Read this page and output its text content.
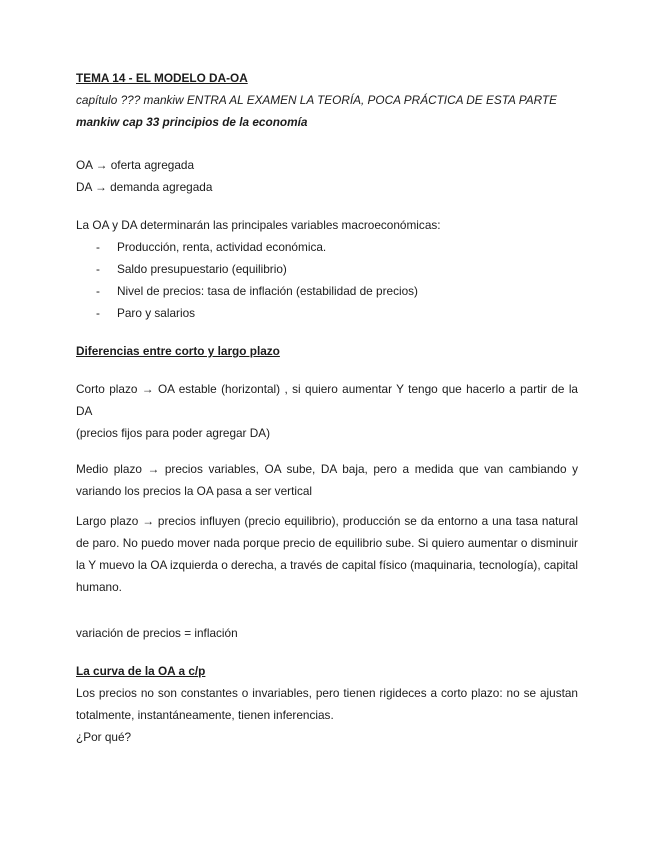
TEMA 14 - EL MODELO DA-OA

capítulo ??? mankiw ENTRA AL EXAMEN LA TEORÍA, POCA PRÁCTICA DE ESTA PARTE

mankiw cap 33 principios de la economía

OA → oferta agregada

DA → demanda agregada

La OA y DA determinarán las principales variables macroeconómicas:

-	Producción, renta, actividad económica.
-	Saldo presupuestario (equilibrio)
-	Nivel de precios: tasa de inflación (estabilidad de precios)
-	Paro y salarios

Diferencias entre corto y largo plazo

Corto plazo → OA estable (horizontal) , si quiero aumentar Y tengo que hacerlo a partir de la DA

(precios fijos para poder agregar DA)

Medio plazo → precios variables, OA sube, DA baja, pero a medida que van cambiando y variando los precios la OA pasa a ser vertical

Largo plazo → precios influyen (precio equilibrio), producción se da entorno a una tasa natural de paro. No puedo mover nada porque precio de equilibrio sube. Si quiero aumentar o disminuir la Y muevo la OA izquierda o derecha, a través de capital físico (maquinaria, tecnología), capital humano.

variación de precios = inflación

La curva de la OA a c/p

Los precios no son constantes o invariables, pero tienen rigideces a corto plazo: no se ajustan totalmente, instantáneamente, tienen inferencias.

¿Por qué?
